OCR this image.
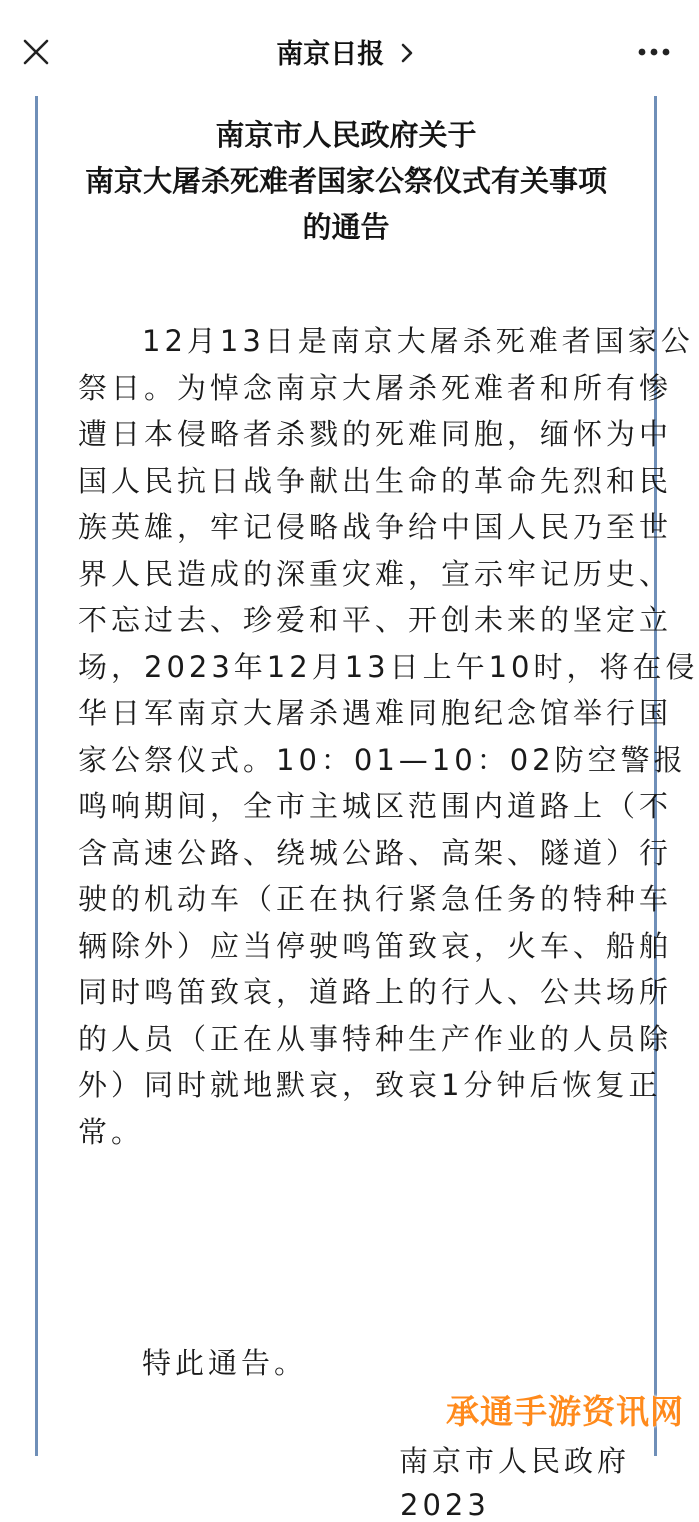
南京日报
南京市人民政府关于
南京大屠杀死难者国家公祭仪式有关事项
的通告
12月13日是南京大屠杀死难者国家公
祭日。为悼念南京大屠杀死难者和所有惨
遭日本侵略者杀戮的死难同胞，缅怀为中
国人民抗日战争献出生命的革命先烈和民
族英雄，牢记侵略战争给中国人民乃至世
界人民造成的深重灾难，宣示牢记历史、
不忘过去、珍爱和平、开创未来的坚定立
场，2023年12月13日上午10时，将在侵
华日军南京大屠杀遇难同胞纪念馆举行国
家公祭仪式。10：01—10：02防空警报
鸣响期间，全市主城区范围内道路上（不
含高速公路、绕城公路、高架、隧道）行
驶的机动车（正在执行紧急任务的特种车
辆除外）应当停驶鸣笛致哀，火车、船舶
同时鸣笛致哀，道路上的行人、公共场所
的人员（正在从事特种生产作业的人员除
外）同时就地默哀，致哀1分钟后恢复正
常。
特此通告。
南京市人民政府
2023
承通手游资讯网
